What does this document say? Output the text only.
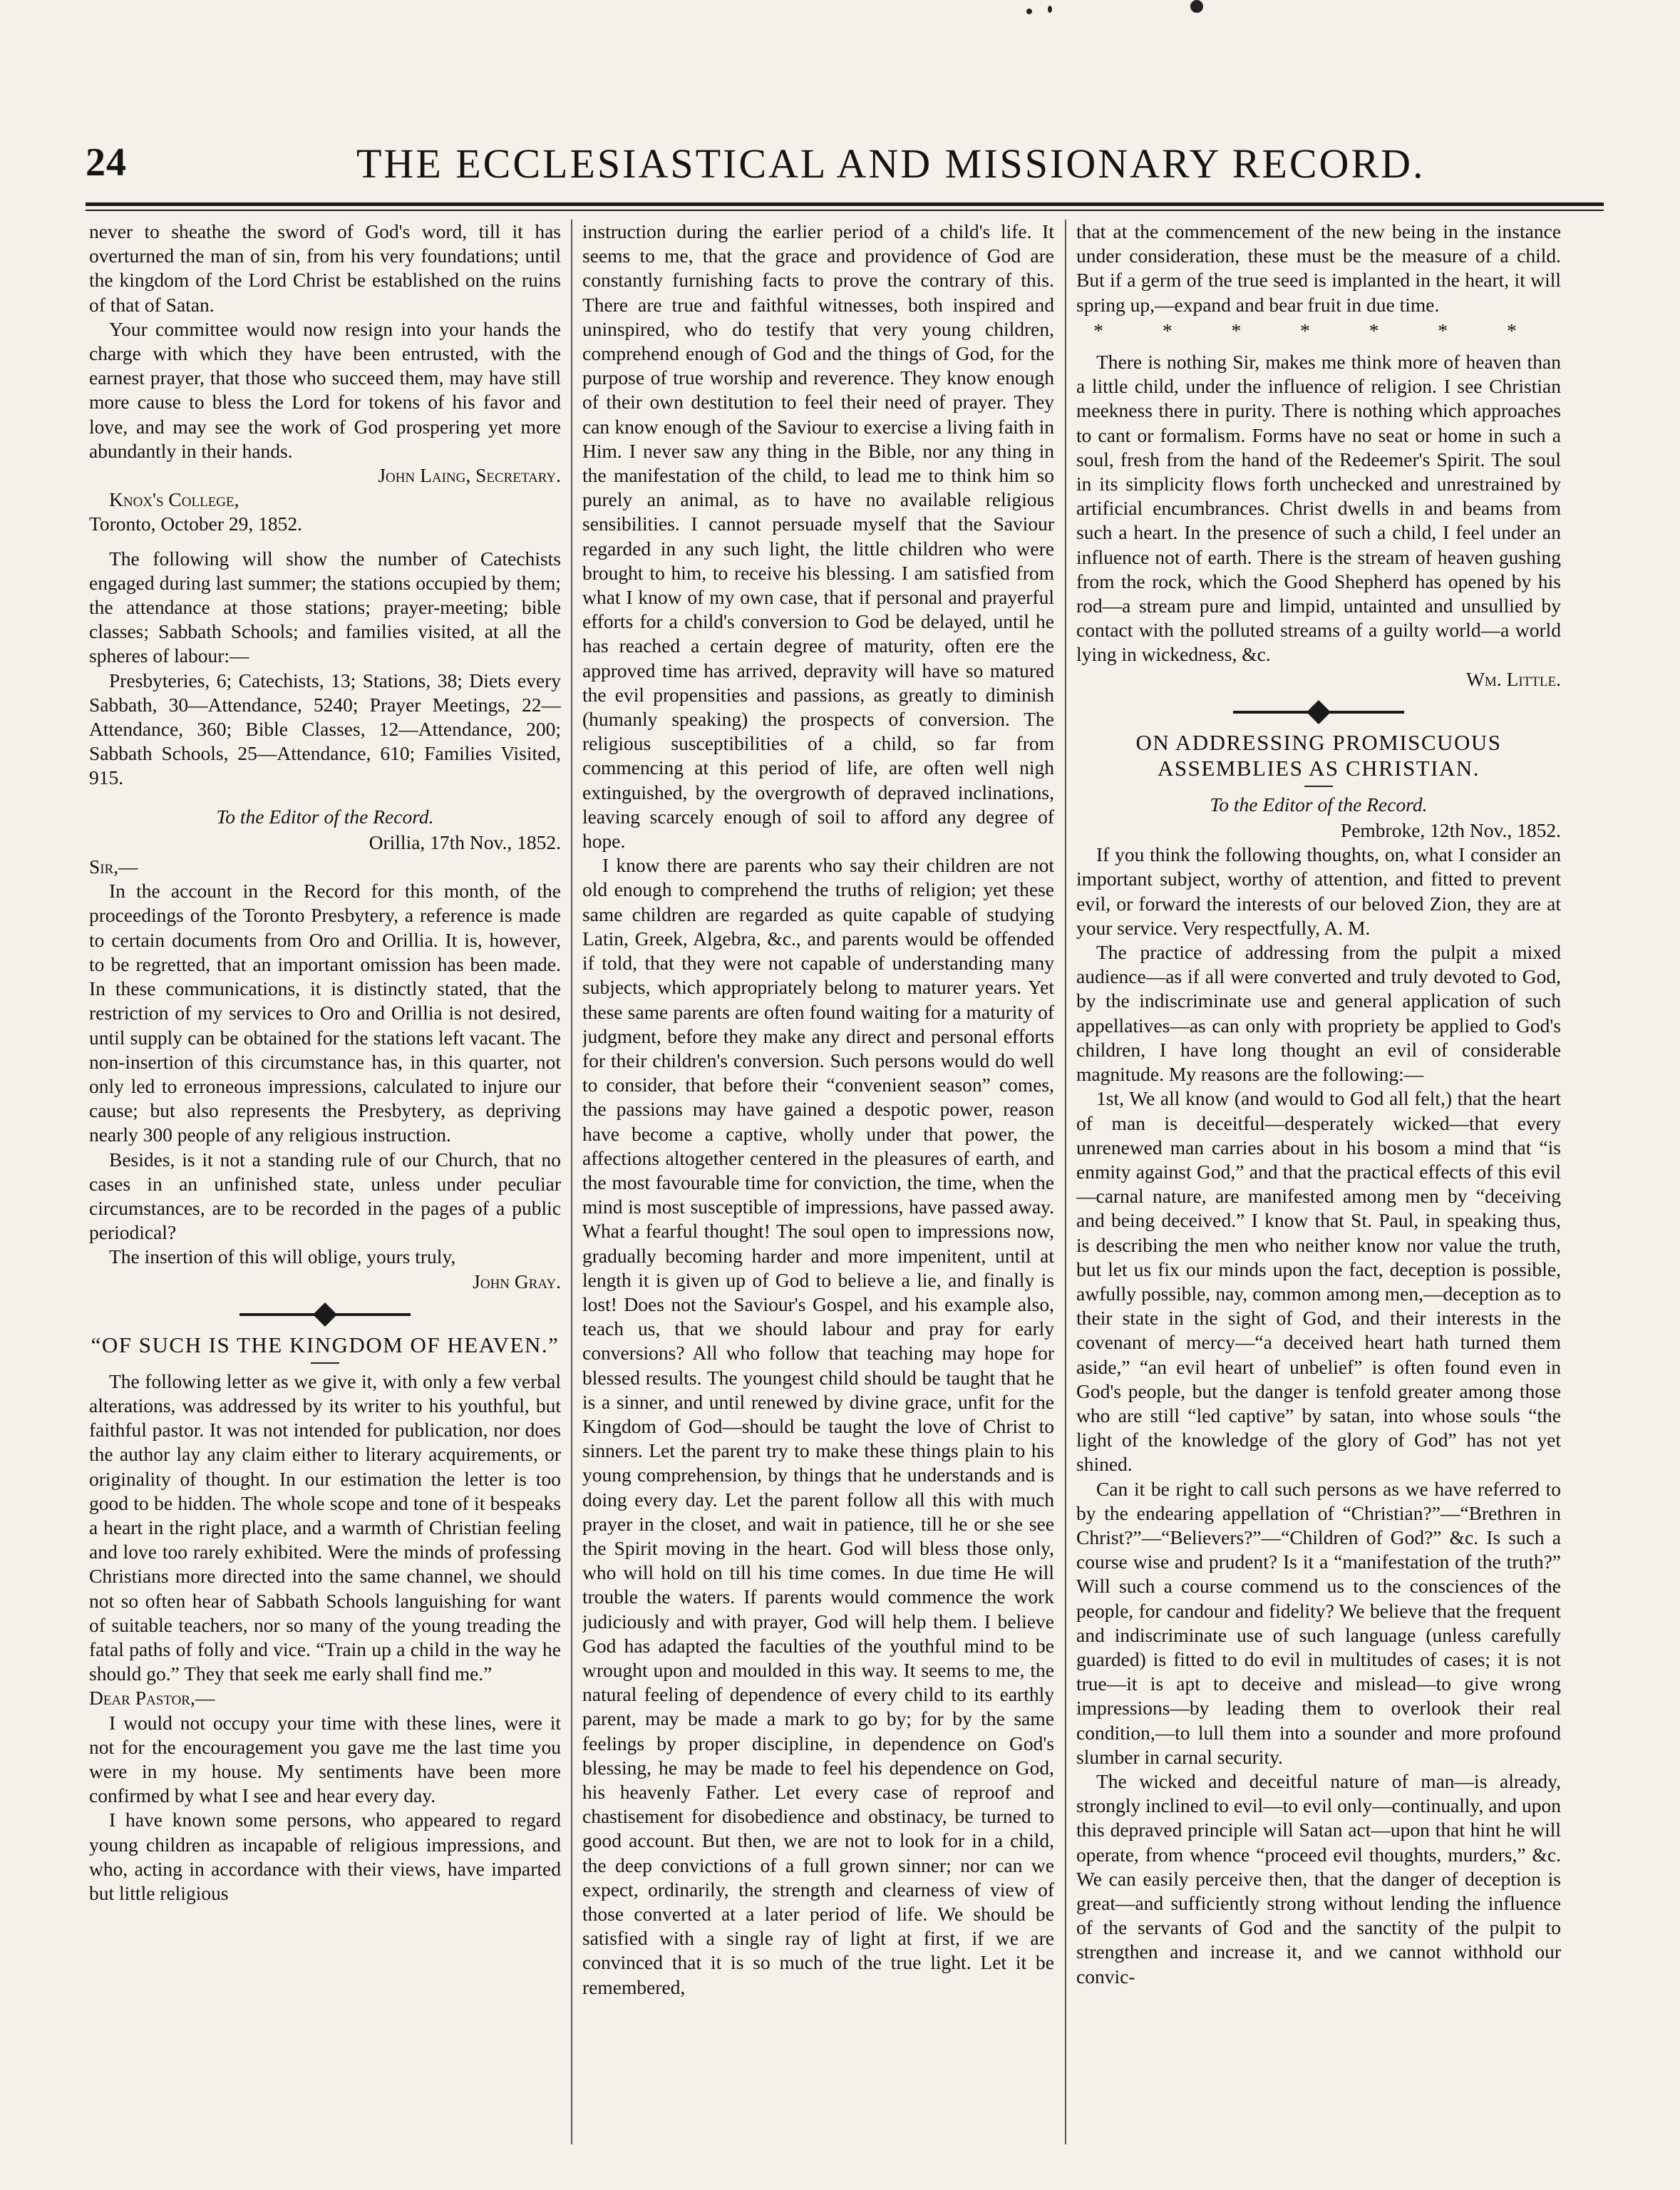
24	THE ECCLESIASTICAL AND MISSIONARY RECORD.

never to sheathe the sword of God's word, till it has overturned the man of sin, from his very foundations; until the kingdom of the Lord Christ be established on the ruins of that of Satan.

Your committee would now resign into your hands the charge with which they have been entrusted, with the earnest prayer, that those who succeed them, may have still more cause to bless the Lord for tokens of his favor and love, and may see the work of God prospering yet more abundantly in their hands.

John Laing, Secretary.

Knox's College,

Toronto, October 29, 1852.

The following will show the number of Catechists engaged during last summer; the stations occupied by them; the attendance at those stations; prayer-meeting; bible classes; Sabbath Schools; and families visited, at all the spheres of labour:—

Presbyteries, 6; Catechists, 13; Stations, 38; Diets every Sabbath, 30—Attendance, 5240; Prayer Meetings, 22—Attendance, 360; Bible Classes, 12—Attendance, 200; Sabbath Schools, 25—Attendance, 610; Families Visited, 915.

To the Editor of the Record.

Orillia, 17th Nov., 1852.

Sir,—

In the account in the Record for this month, of the proceedings of the Toronto Presbytery, a reference is made to certain documents from Oro and Orillia. It is, however, to be regretted, that an important omission has been made. In these communications, it is distinctly stated, that the restriction of my services to Oro and Orillia is not desired, until supply can be obtained for the stations left vacant. The non-insertion of this circumstance has, in this quarter, not only led to erroneous impressions, calculated to injure our cause; but also represents the Presbytery, as depriving nearly 300 people of any religious instruction.

Besides, is it not a standing rule of our Church, that no cases in an unfinished state, unless under peculiar circumstances, are to be recorded in the pages of a public periodical?

The insertion of this will oblige, yours truly,

John Gray.

“OF SUCH IS THE KINGDOM OF HEAVEN.”

The following letter as we give it, with only a few verbal alterations, was addressed by its writer to his youthful, but faithful pastor. It was not intended for publication, nor does the author lay any claim either to literary acquirements, or originality of thought. In our estimation the letter is too good to be hidden. The whole scope and tone of it bespeaks a heart in the right place, and a warmth of Christian feeling and love too rarely exhibited. Were the minds of professing Christians more directed into the same channel, we should not so often hear of Sabbath Schools languishing for want of suitable teachers, nor so many of the young treading the fatal paths of folly and vice. “Train up a child in the way he should go.” They that seek me early shall find me.”

Dear Pastor,—

I would not occupy your time with these lines, were it not for the encouragement you gave me the last time you were in my house. My sentiments have been more confirmed by what I see and hear every day.

I have known some persons, who appeared to regard young children as incapable of religious impressions, and who, acting in accordance with their views, have imparted but little religious

instruction during the earlier period of a child's life. It seems to me, that the grace and providence of God are constantly furnishing facts to prove the contrary of this. There are true and faithful witnesses, both inspired and uninspired, who do testify that very young children, comprehend enough of God and the things of God, for the purpose of true worship and reverence. They know enough of their own destitution to feel their need of prayer. They can know enough of the Saviour to exercise a living faith in Him. I never saw any thing in the Bible, nor any thing in the manifestation of the child, to lead me to think him so purely an animal, as to have no available religious sensibilities. I cannot persuade myself that the Saviour regarded in any such light, the little children who were brought to him, to receive his blessing. I am satisfied from what I know of my own case, that if personal and prayerful efforts for a child's conversion to God be delayed, until he has reached a certain degree of maturity, often ere the approved time has arrived, depravity will have so matured the evil propensities and passions, as greatly to diminish (humanly speaking) the prospects of conversion. The religious susceptibilities of a child, so far from commencing at this period of life, are often well nigh extinguished, by the overgrowth of depraved inclinations, leaving scarcely enough of soil to afford any degree of hope.

I know there are parents who say their children are not old enough to comprehend the truths of religion; yet these same children are regarded as quite capable of studying Latin, Greek, Algebra, &c., and parents would be offended if told, that they were not capable of understanding many subjects, which appropriately belong to maturer years. Yet these same parents are often found waiting for a maturity of judgment, before they make any direct and personal efforts for their children's conversion. Such persons would do well to consider, that before their “convenient season” comes, the passions may have gained a despotic power, reason have become a captive, wholly under that power, the affections altogether centered in the pleasures of earth, and the most favourable time for conviction, the time, when the mind is most susceptible of impressions, have passed away. What a fearful thought! The soul open to impressions now, gradually becoming harder and more impenitent, until at length it is given up of God to believe a lie, and finally is lost! Does not the Saviour's Gospel, and his example also, teach us, that we should labour and pray for early conversions? All who follow that teaching may hope for blessed results. The youngest child should be taught that he is a sinner, and until renewed by divine grace, unfit for the Kingdom of God—should be taught the love of Christ to sinners. Let the parent try to make these things plain to his young comprehension, by things that he understands and is doing every day. Let the parent follow all this with much prayer in the closet, and wait in patience, till he or she see the Spirit moving in the heart. God will bless those only, who will hold on till his time comes. In due time He will trouble the waters. If parents would commence the work judiciously and with prayer, God will help them. I believe God has adapted the faculties of the youthful mind to be wrought upon and moulded in this way. It seems to me, the natural feeling of dependence of every child to its earthly parent, may be made a mark to go by; for by the same feelings by proper discipline, in dependence on God's blessing, he may be made to feel his dependence on God, his heavenly Father. Let every case of reproof and chastisement for disobedience and obstinacy, be turned to good account. But then, we are not to look for in a child, the deep convictions of a full grown sinner; nor can we expect, ordinarily, the strength and clearness of view of those converted at a later period of life. We should be satisfied with a single ray of light at first, if we are convinced that it is so much of the true light. Let it be remembered,

that at the commencement of the new being in the instance under consideration, these must be the measure of a child. But if a germ of the true seed is implanted in the heart, it will spring up,—expand and bear fruit in due time.

* * * * * * *

There is nothing Sir, makes me think more of heaven than a little child, under the influence of religion. I see Christian meekness there in purity. There is nothing which approaches to cant or formalism. Forms have no seat or home in such a soul, fresh from the hand of the Redeemer's Spirit. The soul in its simplicity flows forth unchecked and unrestrained by artificial encumbrances. Christ dwells in and beams from such a heart. In the presence of such a child, I feel under an influence not of earth. There is the stream of heaven gushing from the rock, which the Good Shepherd has opened by his rod—a stream pure and limpid, untainted and unsullied by contact with the polluted streams of a guilty world—a world lying in wickedness, &c.

Wm. Little.

ON ADDRESSING PROMISCUOUS ASSEMBLIES AS CHRISTIAN.
To the Editor of the Record.

Pembroke, 12th Nov., 1852.

If you think the following thoughts, on, what I consider an important subject, worthy of attention, and fitted to prevent evil, or forward the interests of our beloved Zion, they are at your service. Very respectfully, A. M.

The practice of addressing from the pulpit a mixed audience—as if all were converted and truly devoted to God, by the indiscriminate use and general application of such appellatives—as can only with propriety be applied to God's children, I have long thought an evil of considerable magnitude. My reasons are the following:—

1st, We all know (and would to God all felt,) that the heart of man is deceitful—desperately wicked—that every unrenewed man carries about in his bosom a mind that “is enmity against God,” and that the practical effects of this evil—carnal nature, are manifested among men by “deceiving and being deceived.” I know that St. Paul, in speaking thus, is describing the men who neither know nor value the truth, but let us fix our minds upon the fact, deception is possible, awfully possible, nay, common among men,—deception as to their state in the sight of God, and their interests in the covenant of mercy—“a deceived heart hath turned them aside,” “an evil heart of unbelief” is often found even in God's people, but the danger is tenfold greater among those who are still “led captive” by satan, into whose souls “the light of the knowledge of the glory of God” has not yet shined.

Can it be right to call such persons as we have referred to by the endearing appellation of “Christian?”—“Brethren in Christ?”—“Believers?”—“Children of God?” &c. Is such a course wise and prudent? Is it a “manifestation of the truth?” Will such a course commend us to the consciences of the people, for candour and fidelity? We believe that the frequent and indiscriminate use of such language (unless carefully guarded) is fitted to do evil in multitudes of cases; it is not true—it is apt to deceive and mislead—to give wrong impressions—by leading them to overlook their real condition,—to lull them into a sounder and more profound slumber in carnal security.

The wicked and deceitful nature of man—is already, strongly inclined to evil—to evil only—continually, and upon this depraved principle will Satan act—upon that hint he will operate, from whence “proceed evil thoughts, murders,” &c. We can easily perceive then, that the danger of deception is great—and sufficiently strong without lending the influence of the servants of God and the sanctity of the pulpit to strengthen and increase it, and we cannot withhold our convic-
